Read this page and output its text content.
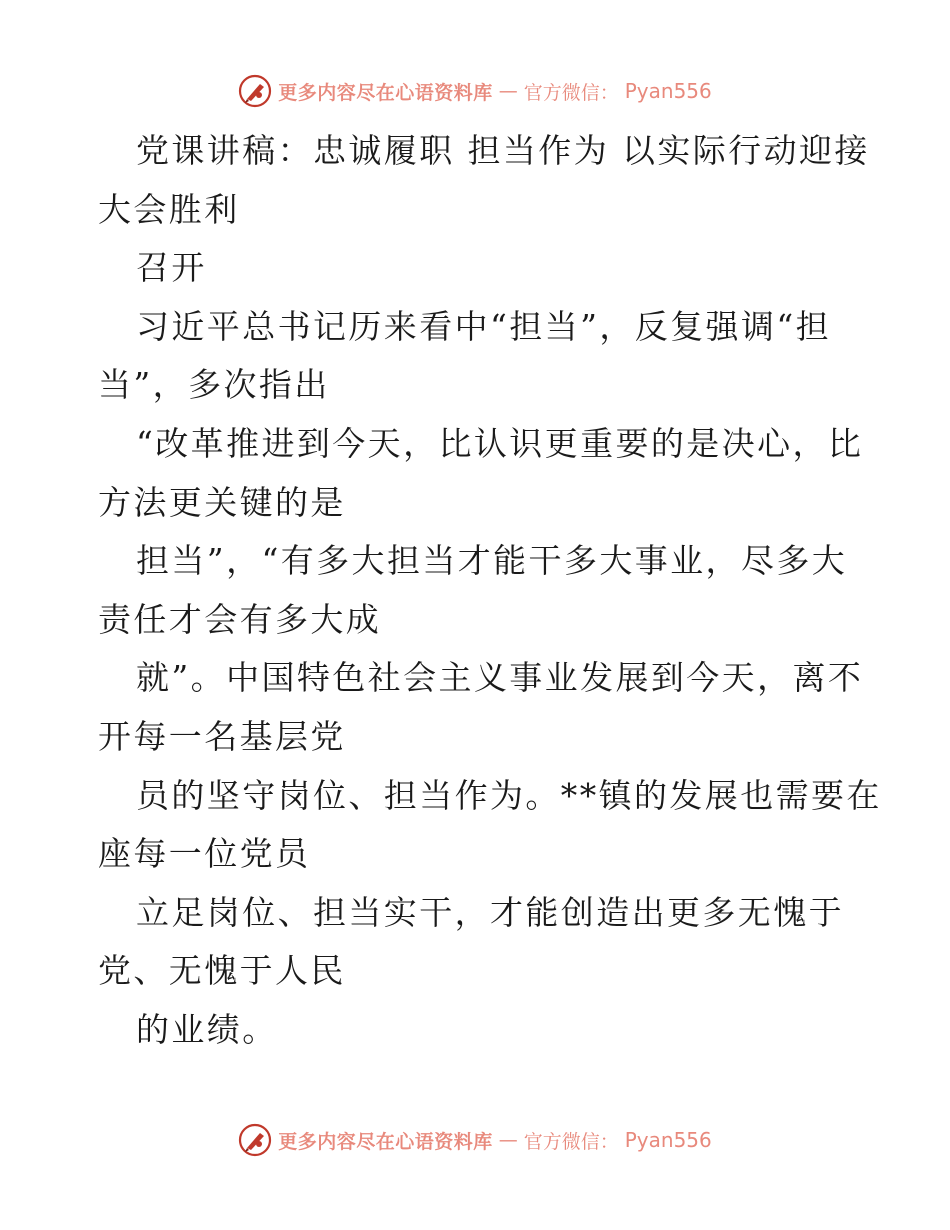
更多内容尽在心语资料库 — 官方微信： Pyan556
党课讲稿：忠诚履职 担当作为 以实际行动迎接
大会胜利
召开
习近平总书记历来看中“担当”，反复强调“担
当”，多次指出
“改革推进到今天，比认识更重要的是决心，比
方法更关键的是
担当”，“有多大担当才能干多大事业，尽多大
责任才会有多大成
就”。中国特色社会主义事业发展到今天，离不
开每一名基层党
员的坚守岗位、担当作为。**镇的发展也需要在
座每一位党员
立足岗位、担当实干，才能创造出更多无愧于
党、无愧于人民
的业绩。
更多内容尽在心语资料库 — 官方微信： Pyan556
